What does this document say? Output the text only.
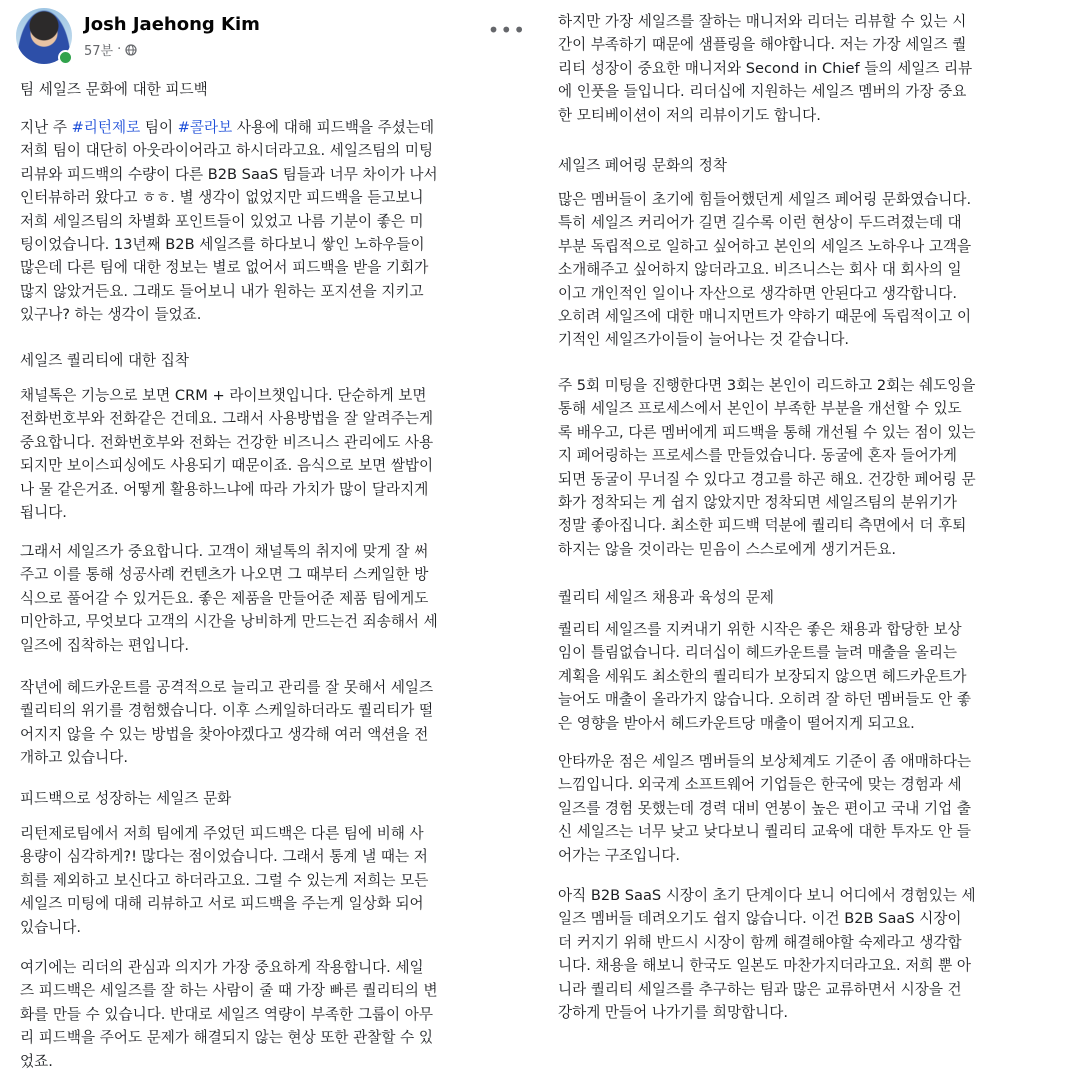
Josh Jaehong Kim
57분 ·
•••
팀 세일즈 문화에 대한 피드백
지난 주 #리턴제로 팀이 #콜라보 사용에 대해 피드백을 주셨는데
저희 팀이 대단히 아웃라이어라고 하시더라고요. 세일즈팀의 미팅
리뷰와 피드백의 수량이 다른 B2B SaaS 팀들과 너무 차이가 나서
인터뷰하러 왔다고 ㅎㅎ. 별 생각이 없었지만 피드백을 듣고보니
저희 세일즈팀의 차별화 포인트들이 있었고 나름 기분이 좋은 미
팅이었습니다. 13년째 B2B 세일즈를 하다보니 쌓인 노하우들이
많은데 다른 팀에 대한 정보는 별로 없어서 피드백을 받을 기회가
많지 않았거든요. 그래도 들어보니 내가 원하는 포지션을 지키고
있구나? 하는 생각이 들었죠.
세일즈 퀄리티에 대한 집착
채널톡은 기능으로 보면 CRM + 라이브챗입니다. 단순하게 보면
전화번호부와 전화같은 건데요. 그래서 사용방법을 잘 알려주는게
중요합니다. 전화번호부와 전화는 건강한 비즈니스 관리에도 사용
되지만 보이스피싱에도 사용되기 때문이죠. 음식으로 보면 쌀밥이
나 물 같은거죠. 어떻게 활용하느냐에 따라 가치가 많이 달라지게
됩니다.
그래서 세일즈가 중요합니다. 고객이 채널톡의 취지에 맞게 잘 써
주고 이를 통해 성공사례 컨텐츠가 나오면 그 때부터 스케일한 방
식으로 풀어갈 수 있거든요. 좋은 제품을 만들어준 제품 팀에게도
미안하고, 무엇보다 고객의 시간을 낭비하게 만드는건 죄송해서 세
일즈에 집착하는 편입니다.
작년에 헤드카운트를 공격적으로 늘리고 관리를 잘 못해서 세일즈
퀄리티의 위기를 경험했습니다. 이후 스케일하더라도 퀄리티가 떨
어지지 않을 수 있는 방법을 찾아야겠다고 생각해 여러 액션을 전
개하고 있습니다.
피드백으로 성장하는 세일즈 문화
리턴제로팀에서 저희 팀에게 주었던 피드백은 다른 팀에 비해 사
용량이 심각하게?! 많다는 점이었습니다. 그래서 통계 낼 때는 저
희를 제외하고 보신다고 하더라고요. 그럴 수 있는게 저희는 모든
세일즈 미팅에 대해 리뷰하고 서로 피드백을 주는게 일상화 되어
있습니다.
여기에는 리더의 관심과 의지가 가장 중요하게 작용합니다. 세일
즈 피드백은 세일즈를 잘 하는 사람이 줄 때 가장 빠른 퀄리티의 변
화를 만들 수 있습니다. 반대로 세일즈 역량이 부족한 그룹이 아무
리 피드백을 주어도 문제가 해결되지 않는 현상 또한 관찰할 수 있
었죠.
하지만 가장 세일즈를 잘하는 매니저와 리더는 리뷰할 수 있는 시
간이 부족하기 때문에 샘플링을 해야합니다. 저는 가장 세일즈 퀄
리티 성장이 중요한 매니저와 Second in Chief 들의 세일즈 리뷰
에 인풋을 들입니다. 리더십에 지원하는 세일즈 멤버의 가장 중요
한 모티베이션이 저의 리뷰이기도 합니다.
세일즈 페어링 문화의 정착
많은 멤버들이 초기에 힘들어했던게 세일즈 페어링 문화였습니다.
특히 세일즈 커리어가 길면 길수록 이런 현상이 두드려졌는데 대
부분 독립적으로 일하고 싶어하고 본인의 세일즈 노하우나 고객을
소개해주고 싶어하지 않더라고요. 비즈니스는 회사 대 회사의 일
이고 개인적인 일이나 자산으로 생각하면 안된다고 생각합니다.
오히려 세일즈에 대한 매니지먼트가 약하기 때문에 독립적이고 이
기적인 세일즈가이들이 늘어나는 것 같습니다.
주 5회 미팅을 진행한다면 3회는 본인이 리드하고 2회는 쉐도잉을
통해 세일즈 프로세스에서 본인이 부족한 부분을 개선할 수 있도
록 배우고, 다른 멤버에게 피드백을 통해 개선될 수 있는 점이 있는
지 페어링하는 프로세스를 만들었습니다. 동굴에 혼자 들어가게
되면 동굴이 무너질 수 있다고 경고를 하곤 해요. 건강한 페어링 문
화가 정착되는 게 쉽지 않았지만 정착되면 세일즈팀의 분위기가
정말 좋아집니다. 최소한 피드백 덕분에 퀄리티 측면에서 더 후퇴
하지는 않을 것이라는 믿음이 스스로에게 생기거든요.
퀄리티 세일즈 채용과 육성의 문제
퀄리티 세일즈를 지켜내기 위한 시작은 좋은 채용과 합당한 보상
임이 틀림없습니다. 리더십이 헤드카운트를 늘려 매출을 올리는
계획을 세워도 최소한의 퀄리티가 보장되지 않으면 헤드카운트가
늘어도 매출이 올라가지 않습니다. 오히려 잘 하던 멤버들도 안 좋
은 영향을 받아서 헤드카운트당 매출이 떨어지게 되고요.
안타까운 점은 세일즈 멤버들의 보상체계도 기준이 좀 애매하다는
느낌입니다. 외국계 소프트웨어 기업들은 한국에 맞는 경험과 세
일즈를 경험 못했는데 경력 대비 연봉이 높은 편이고 국내 기업 출
신 세일즈는 너무 낮고 낮다보니 퀄리티 교육에 대한 투자도 안 들
어가는 구조입니다.
아직 B2B SaaS 시장이 초기 단계이다 보니 어디에서 경험있는 세
일즈 멤버들 데려오기도 쉽지 않습니다. 이건 B2B SaaS 시장이
더 커지기 위해 반드시 시장이 함께 해결해야할 숙제라고 생각합
니다. 채용을 해보니 한국도 일본도 마찬가지더라고요. 저희 뿐 아
니라 퀄리티 세일즈를 추구하는 팀과 많은 교류하면서 시장을 건
강하게 만들어 나가기를 희망합니다.
